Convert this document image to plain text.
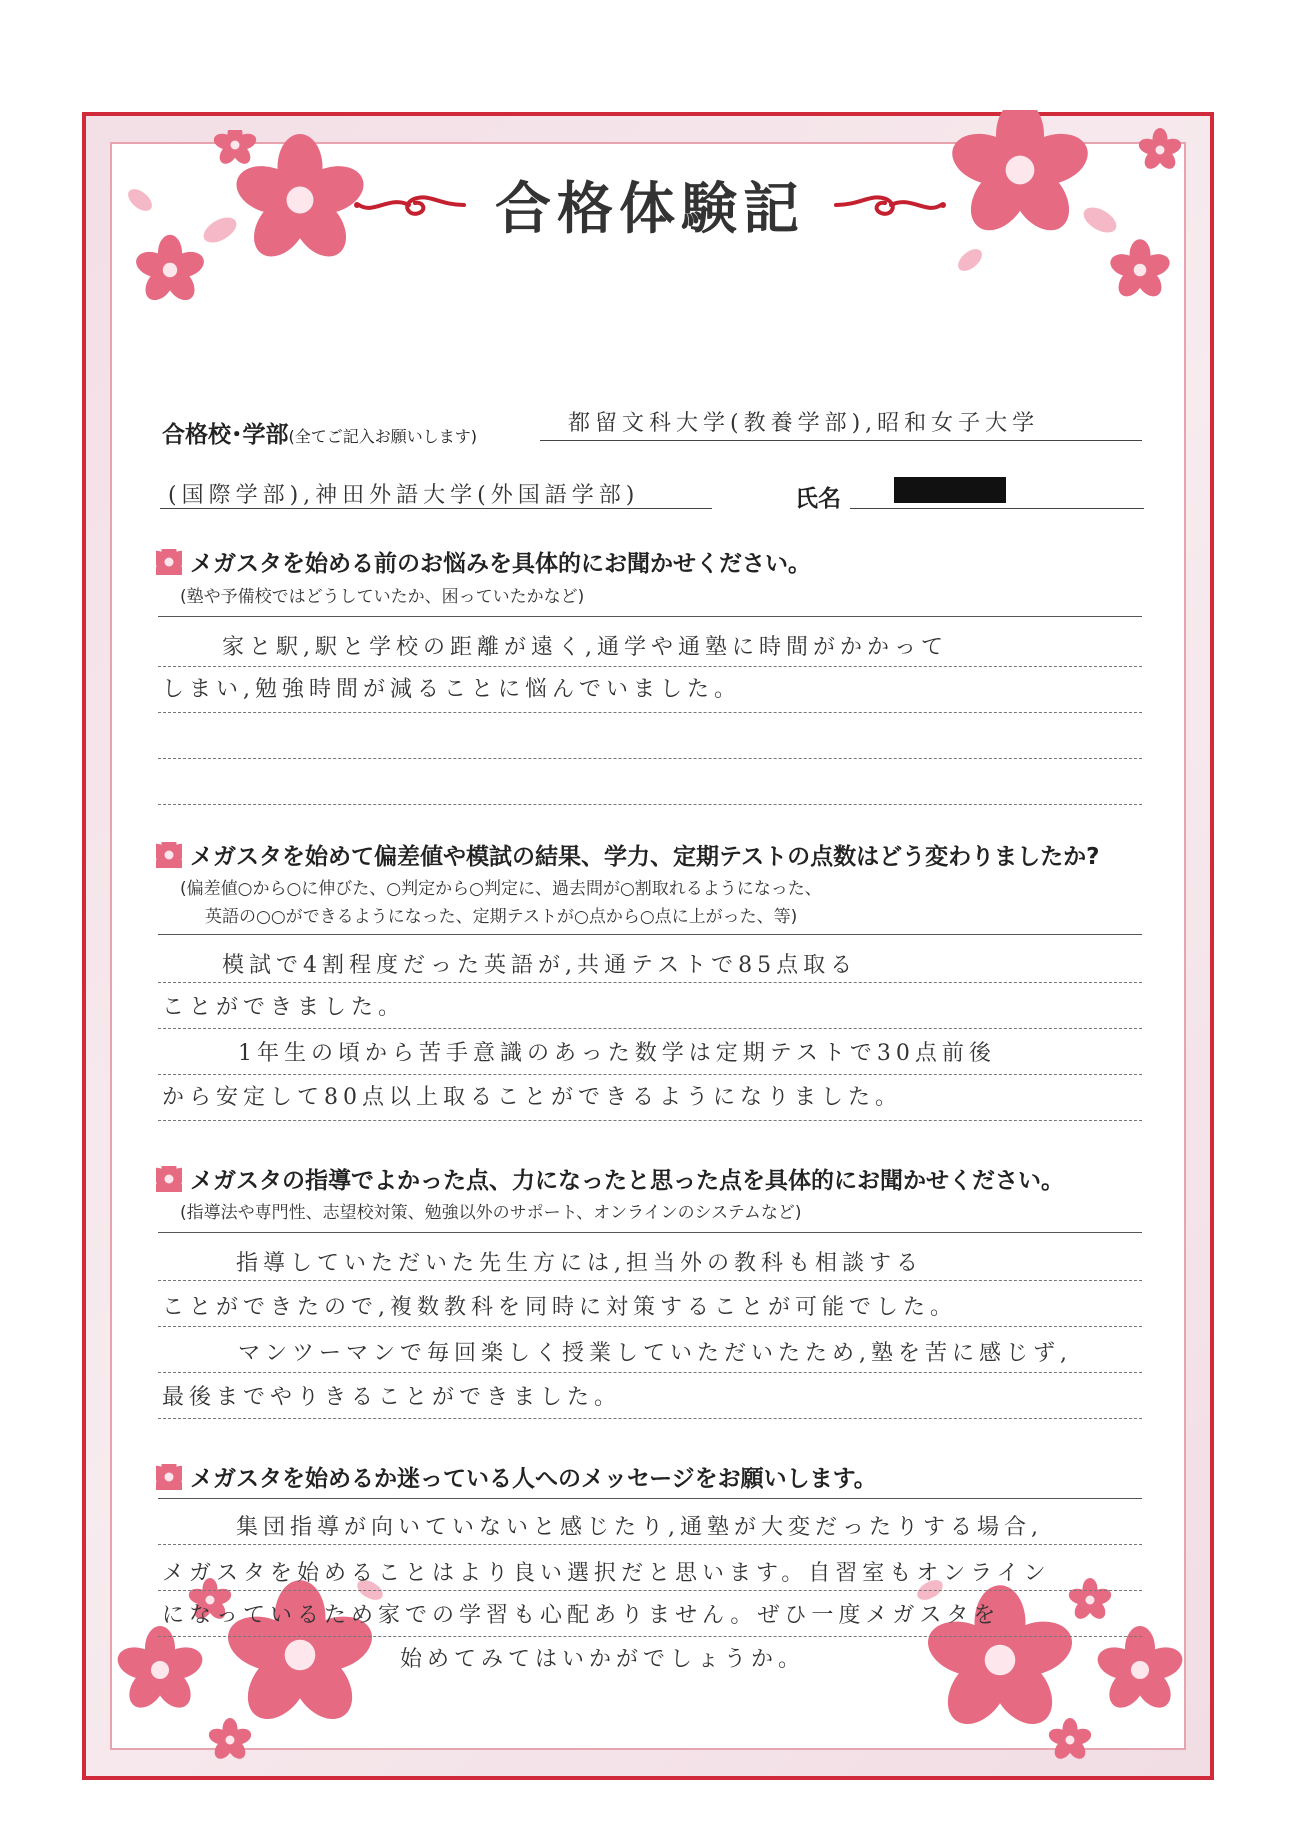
合格体験記
合格校･学部(全てご記入お願いします)
都留文科大学(教養学部),昭和女子大学
(国際学部),神田外語大学(外国語学部)	氏名
メガスタを始める前のお悩みを具体的にお聞かせください。
(塾や予備校ではどうしていたか、困っていたかなど)
家と駅,駅と学校の距離が遠く,通学や通塾に時間がかかって
しまい,勉強時間が減ることに悩んでいました。
メガスタを始めて偏差値や模試の結果、学力、定期テストの点数はどう変わりましたか?
(偏差値○から○に伸びた、○判定から○判定に、過去問が○割取れるようになった、
英語の○○ができるようになった、定期テストが○点から○点に上がった、等)
模試で4割程度だった英語が,共通テストで85点取る
ことができました。
1年生の頃から苦手意識のあった数学は定期テストで30点前後
から安定して80点以上取ることができるようになりました。
メガスタの指導でよかった点、力になったと思った点を具体的にお聞かせください。
(指導法や専門性、志望校対策、勉強以外のサポート、オンラインのシステムなど)
指導していただいた先生方には,担当外の教科も相談する
ことができたので,複数教科を同時に対策することが可能でした。
マンツーマンで毎回楽しく授業していただいたため,塾を苦に感じず,
最後までやりきることができました。
メガスタを始めるか迷っている人へのメッセージをお願いします。
集団指導が向いていないと感じたり,通塾が大変だったりする場合,
メガスタを始めることはより良い選択だと思います。自習室もオンライン
になっているため家での学習も心配ありません。ぜひ一度メガスタを
始めてみてはいかがでしょうか。
